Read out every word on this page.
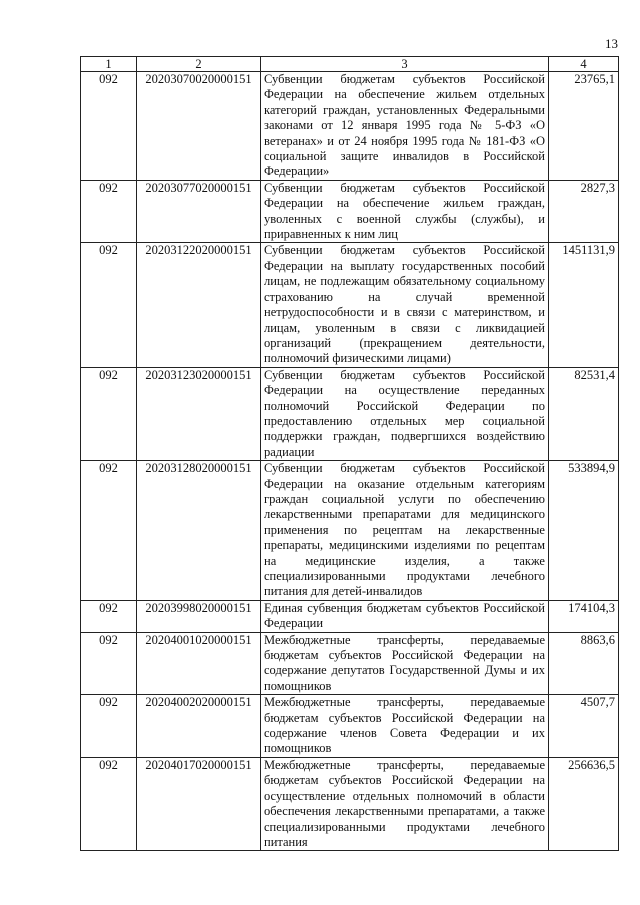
13
1	2	3	4
092	20203070020000151	Субвенции бюджетам субъектов Российской Федерации на обеспечение жильем отдельных категорий граждан, установленных Федеральными законами от 12 января 1995 года № 5-ФЗ «О ветеранах» и от 24 ноября 1995 года № 181-ФЗ «О социальной защите инвалидов в Российской Федерации»	23765,1
092	20203077020000151	Субвенции бюджетам субъектов Российской Федерации на обеспечение жильем граждан, уволенных с военной службы (службы), и приравненных к ним лиц	2827,3
092	20203122020000151	Субвенции бюджетам субъектов Российской Федерации на выплату государственных пособий лицам, не подлежащим обязательному социальному страхованию на случай временной нетрудоспособности и в связи с материнством, и лицам, уволенным в связи с ликвидацией организаций (прекращением деятельности, полномочий физическими лицами)	1451131,9
092	20203123020000151	Субвенции бюджетам субъектов Российской Федерации на осуществление переданных полномочий Российской Федерации по предоставлению отдельных мер социальной поддержки граждан, подвергшихся воздействию радиации	82531,4
092	20203128020000151	Субвенции бюджетам субъектов Российской Федерации на оказание отдельным категориям граждан социальной услуги по обеспечению лекарственными препаратами для медицинского применения по рецептам на лекарственные препараты, медицинскими изделиями по рецептам на медицинские изделия, а также специализированными продуктами лечебного питания для детей-инвалидов	533894,9
092	20203998020000151	Единая субвенция бюджетам субъектов Российской Федерации	174104,3
092	20204001020000151	Межбюджетные трансферты, передаваемые бюджетам субъектов Российской Федерации на содержание депутатов Государственной Думы и их помощников	8863,6
092	20204002020000151	Межбюджетные трансферты, передаваемые бюджетам субъектов Российской Федерации на содержание членов Совета Федерации и их помощников	4507,7
092	20204017020000151	Межбюджетные трансферты, передаваемые бюджетам субъектов Российской Федерации на осуществление отдельных полномочий в области обеспечения лекарственными препаратами, а также специализированными продуктами лечебного питания	256636,5
